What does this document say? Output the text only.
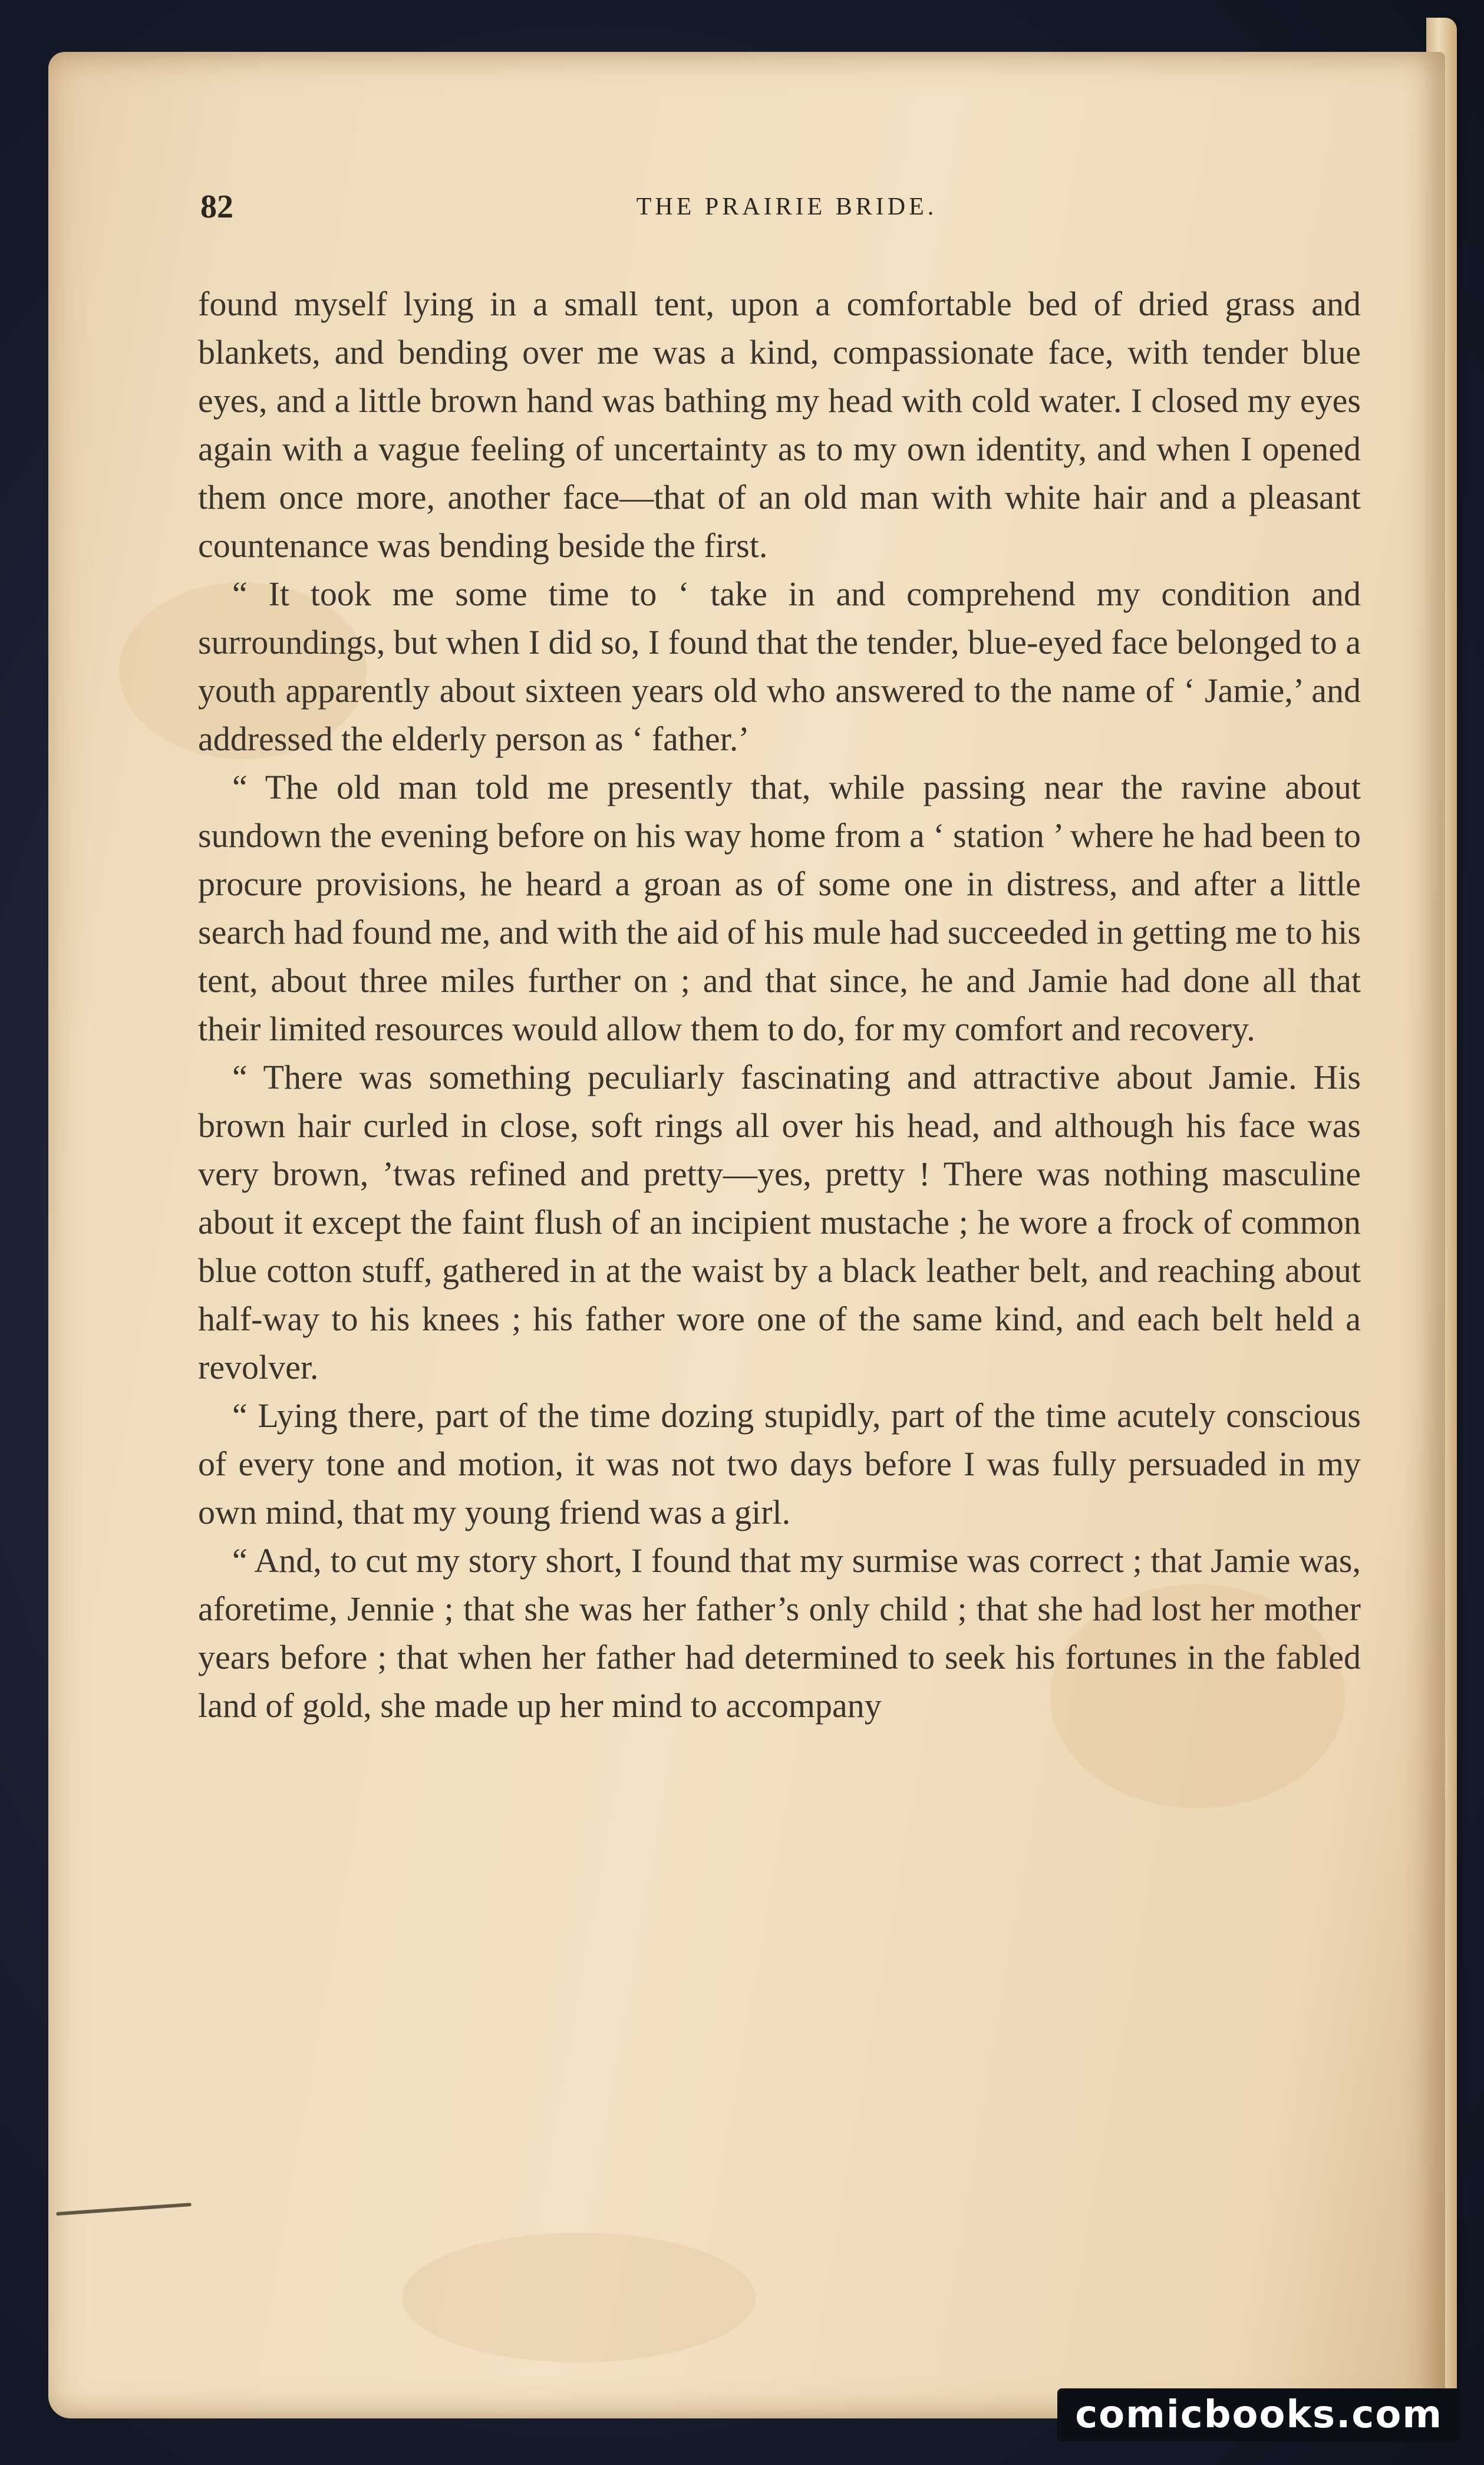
82	THE PRAIRIE BRIDE.

found myself lying in a small tent, upon a comfortable bed of dried grass and blankets, and bending over me was a kind, compassionate face, with tender blue eyes, and a little brown hand was bathing my head with cold water. I closed my eyes again with a vague feeling of uncertainty as to my own identity, and when I opened them once more, another face—that of an old man with white hair and a pleasant countenance was bending beside the first.

“ It took me some time to ‘ take in and comprehend my condition and surroundings, but when I did so, I found that the tender, blue-eyed face belonged to a youth apparently about sixteen years old who answered to the name of ‘ Jamie,’ and addressed the elderly person as ‘ father.’

“ The old man told me presently that, while passing near the ravine about sundown the evening before on his way home from a ‘ station ’ where he had been to procure provisions, he heard a groan as of some one in distress, and after a little search had found me, and with the aid of his mule had succeeded in getting me to his tent, about three miles further on ; and that since, he and Jamie had done all that their limited resources would allow them to do, for my comfort and recovery.

“ There was something peculiarly fascinating and attractive about Jamie. His brown hair curled in close, soft rings all over his head, and although his face was very brown, ’twas refined and pretty—yes, pretty ! There was nothing masculine about it except the faint flush of an incipient mustache ; he wore a frock of common blue cotton stuff, gathered in at the waist by a black leather belt, and reaching about half-way to his knees ; his father wore one of the same kind, and each belt held a revolver.

“ Lying there, part of the time dozing stupidly, part of the time acutely conscious of every tone and motion, it was not two days before I was fully persuaded in my own mind, that my young friend was a girl.

“ And, to cut my story short, I found that my surmise was correct ; that Jamie was, aforetime, Jennie ; that she was her father’s only child ; that she had lost her mother years before ; that when her father had determined to seek his fortunes in the fabled land of gold, she made up her mind to accompany

comicbooks.com
